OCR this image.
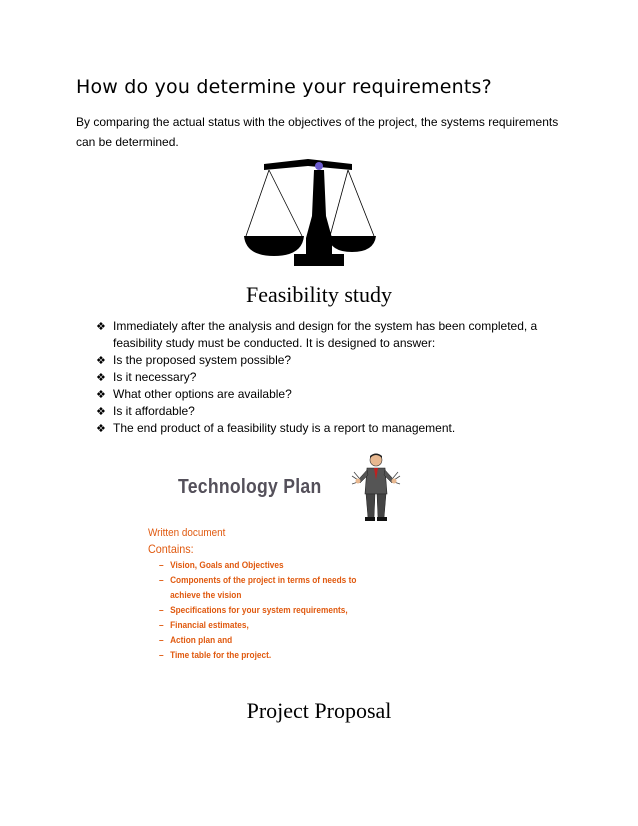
How do you determine your requirements?

By comparing the actual status with the objectives of the project, the systems requirements can be determined.

Feasibility study
❖ Immediately after the analysis and design for the system has been completed, a feasibility study must be conducted. It is designed to answer:
❖ Is the proposed system possible?
❖ Is it necessary?
❖ What other options are available?
❖ Is it affordable?
❖ The end product of a feasibility study is a report to management.

Technology Plan

Written document

Contains:

– Vision, Goals and Objectives
– Components of the project in terms of needs to achieve the vision
– Specifications for your system requirements,
– Financial estimates,
– Action plan and
– Time table for the project.
Project Proposal
